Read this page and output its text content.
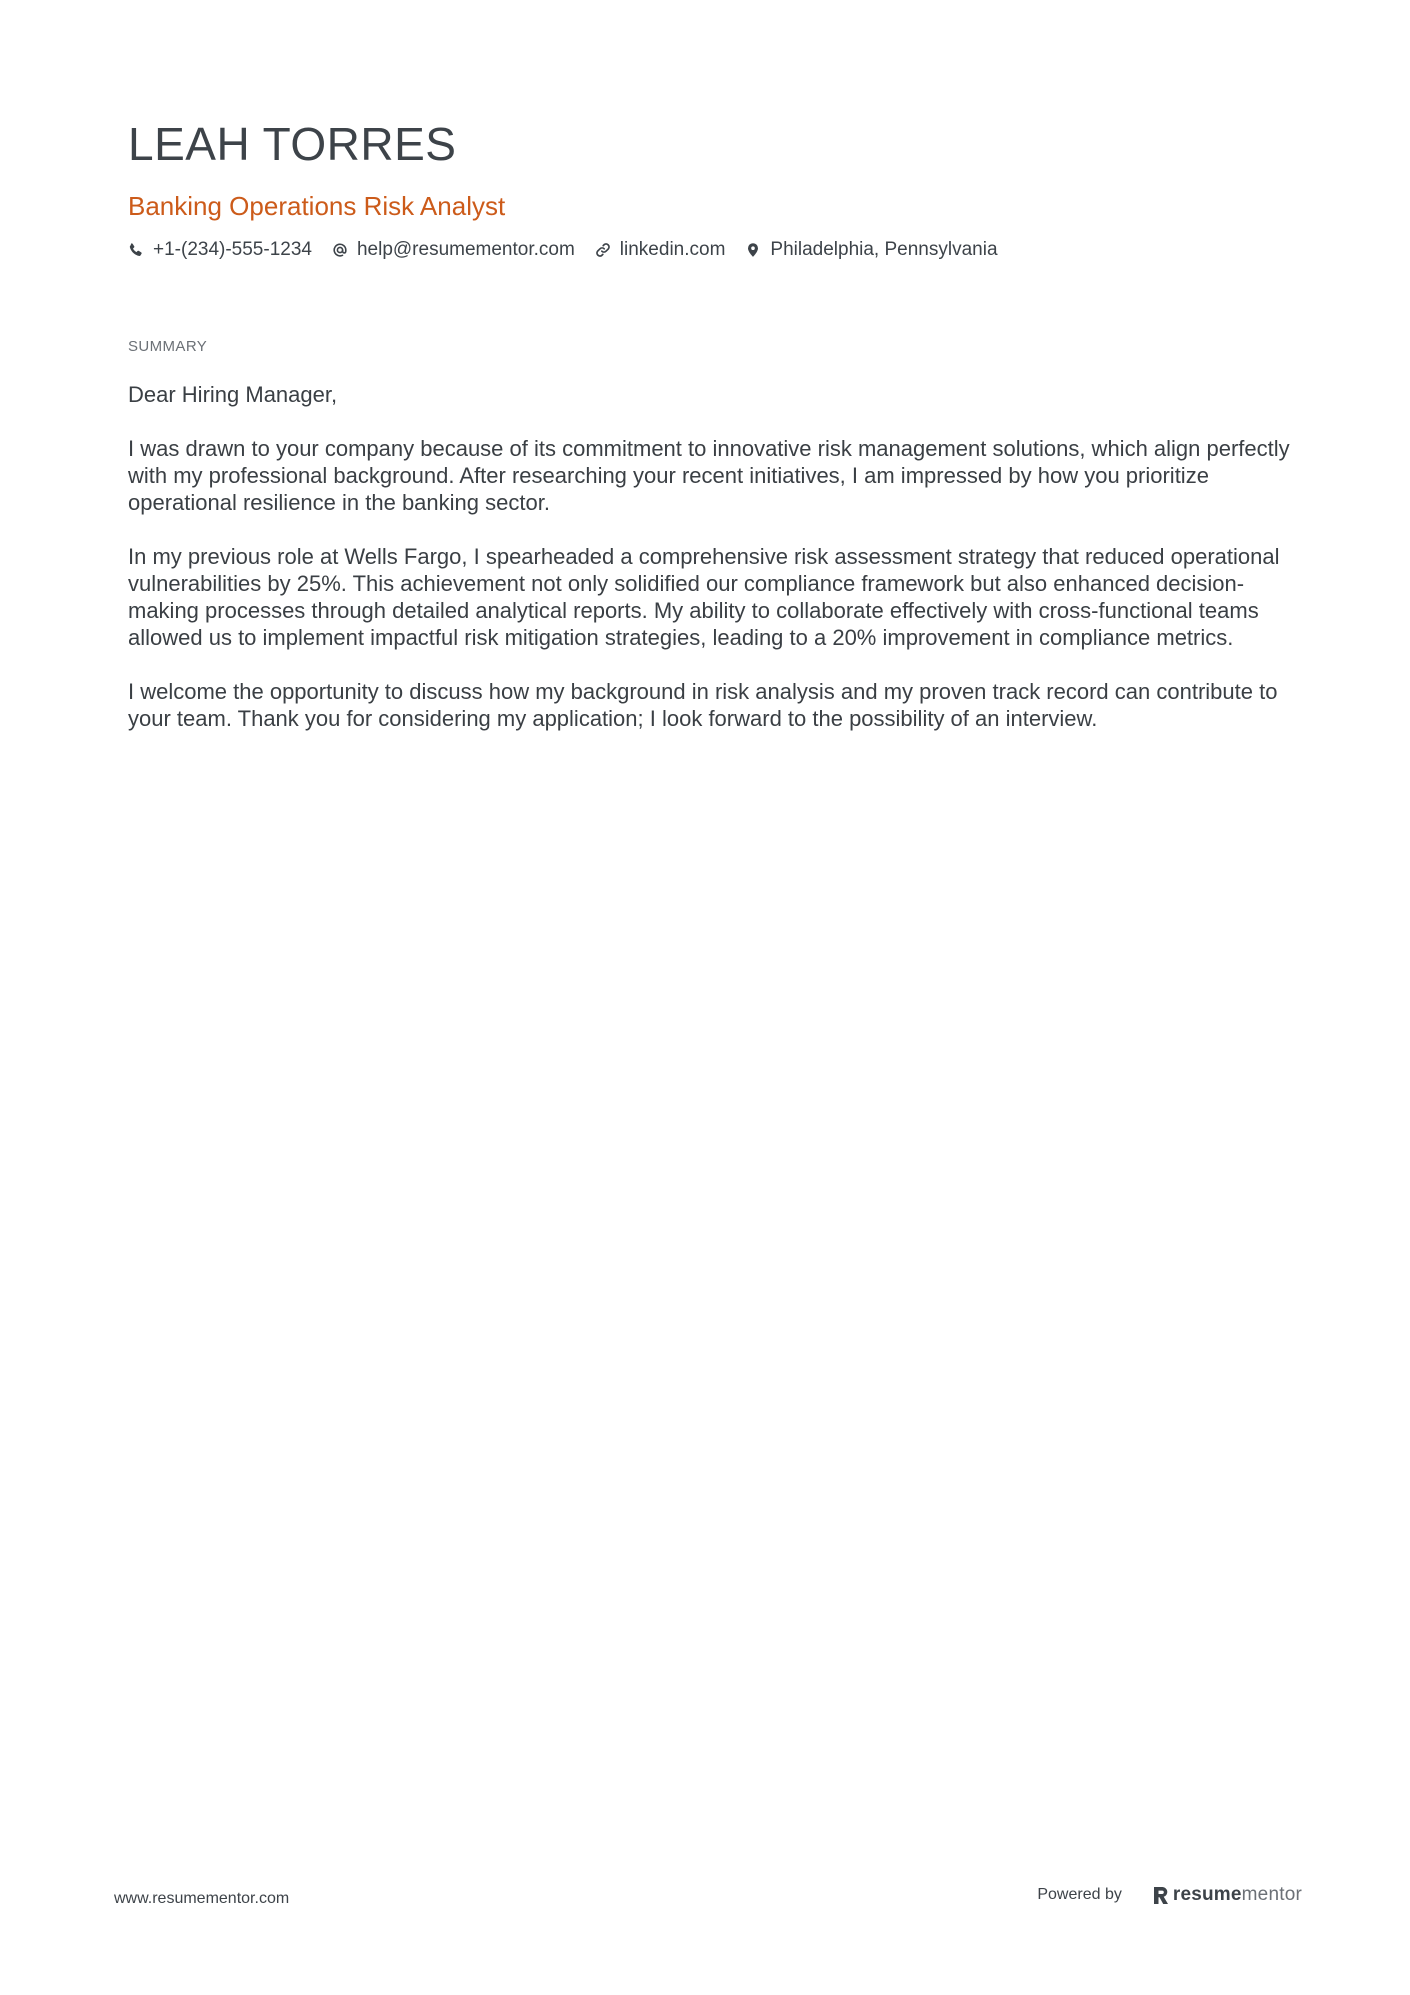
LEAH TORRES
Banking Operations Risk Analyst
+1-(234)-555-1234 help@resumementor.com linkedin.com Philadelphia, Pennsylvania
SUMMARY

Dear Hiring Manager,

I was drawn to your company because of its commitment to innovative risk management solutions, which align perfectly with my professional background. After researching your recent initiatives, I am impressed by how you prioritize operational resilience in the banking sector.

In my previous role at Wells Fargo, I spearheaded a comprehensive risk assessment strategy that reduced operational vulnerabilities by 25%. This achievement not only solidified our compliance framework but also enhanced decision-making processes through detailed analytical reports. My ability to collaborate effectively with cross-functional teams allowed us to implement impactful risk mitigation strategies, leading to a 20% improvement in compliance metrics.

I welcome the opportunity to discuss how my background in risk analysis and my proven track record can contribute to your team. Thank you for considering my application; I look forward to the possibility of an interview.

www.resumementor.com	Powered by	resumementor
